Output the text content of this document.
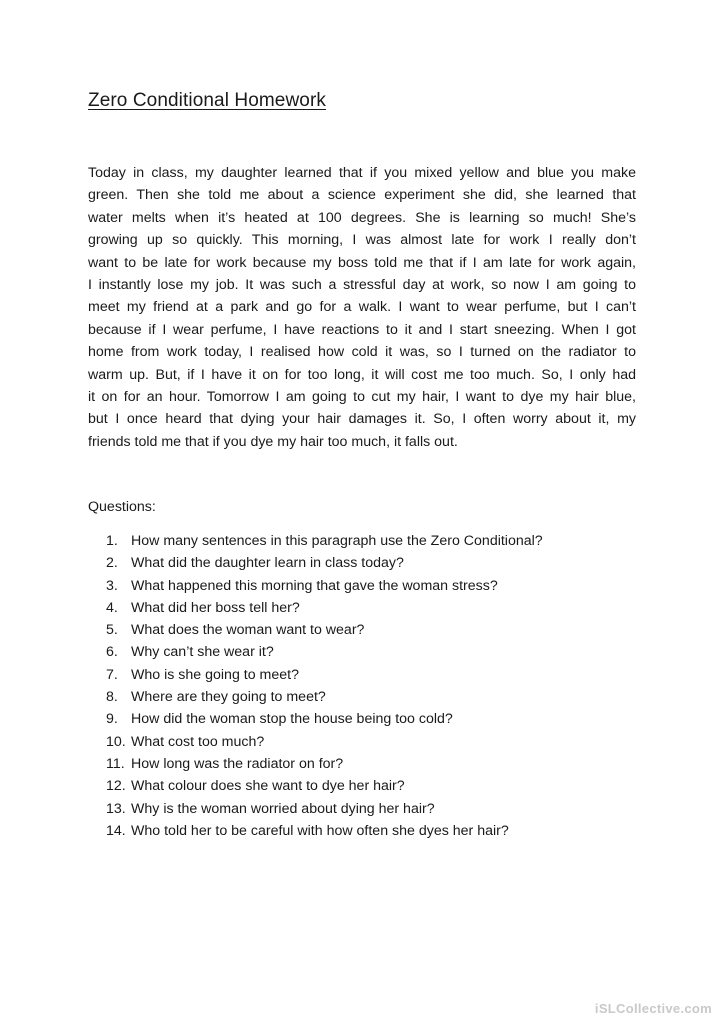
Zero Conditional Homework
Today in class, my daughter learned that if you mixed yellow and blue you make
green. Then she told me about a science experiment she did, she learned that
water melts when it’s heated at 100 degrees. She is learning so much! She’s
growing up so quickly. This morning, I was almost late for work I really don’t
want to be late for work because my boss told me that if I am late for work again,
I instantly lose my job. It was such a stressful day at work, so now I am going to
meet my friend at a park and go for a walk. I want to wear perfume, but I can’t
because if I wear perfume, I have reactions to it and I start sneezing. When I got
home from work today, I realised how cold it was, so I turned on the radiator to
warm up. But, if I have it on for too long, it will cost me too much. So, I only had
it on for an hour. Tomorrow I am going to cut my hair, I want to dye my hair blue,
but I once heard that dying your hair damages it. So, I often worry about it, my
friends told me that if you dye my hair too much, it falls out.
Questions:
1. How many sentences in this paragraph use the Zero Conditional?
2. What did the daughter learn in class today?
3. What happened this morning that gave the woman stress?
4. What did her boss tell her?
5. What does the woman want to wear?
6. Why can’t she wear it?
7. Who is she going to meet?
8. Where are they going to meet?
9. How did the woman stop the house being too cold?
10. What cost too much?
11. How long was the radiator on for?
12. What colour does she want to dye her hair?
13. Why is the woman worried about dying her hair?
14. Who told her to be careful with how often she dyes her hair?
iSLCollective.com
